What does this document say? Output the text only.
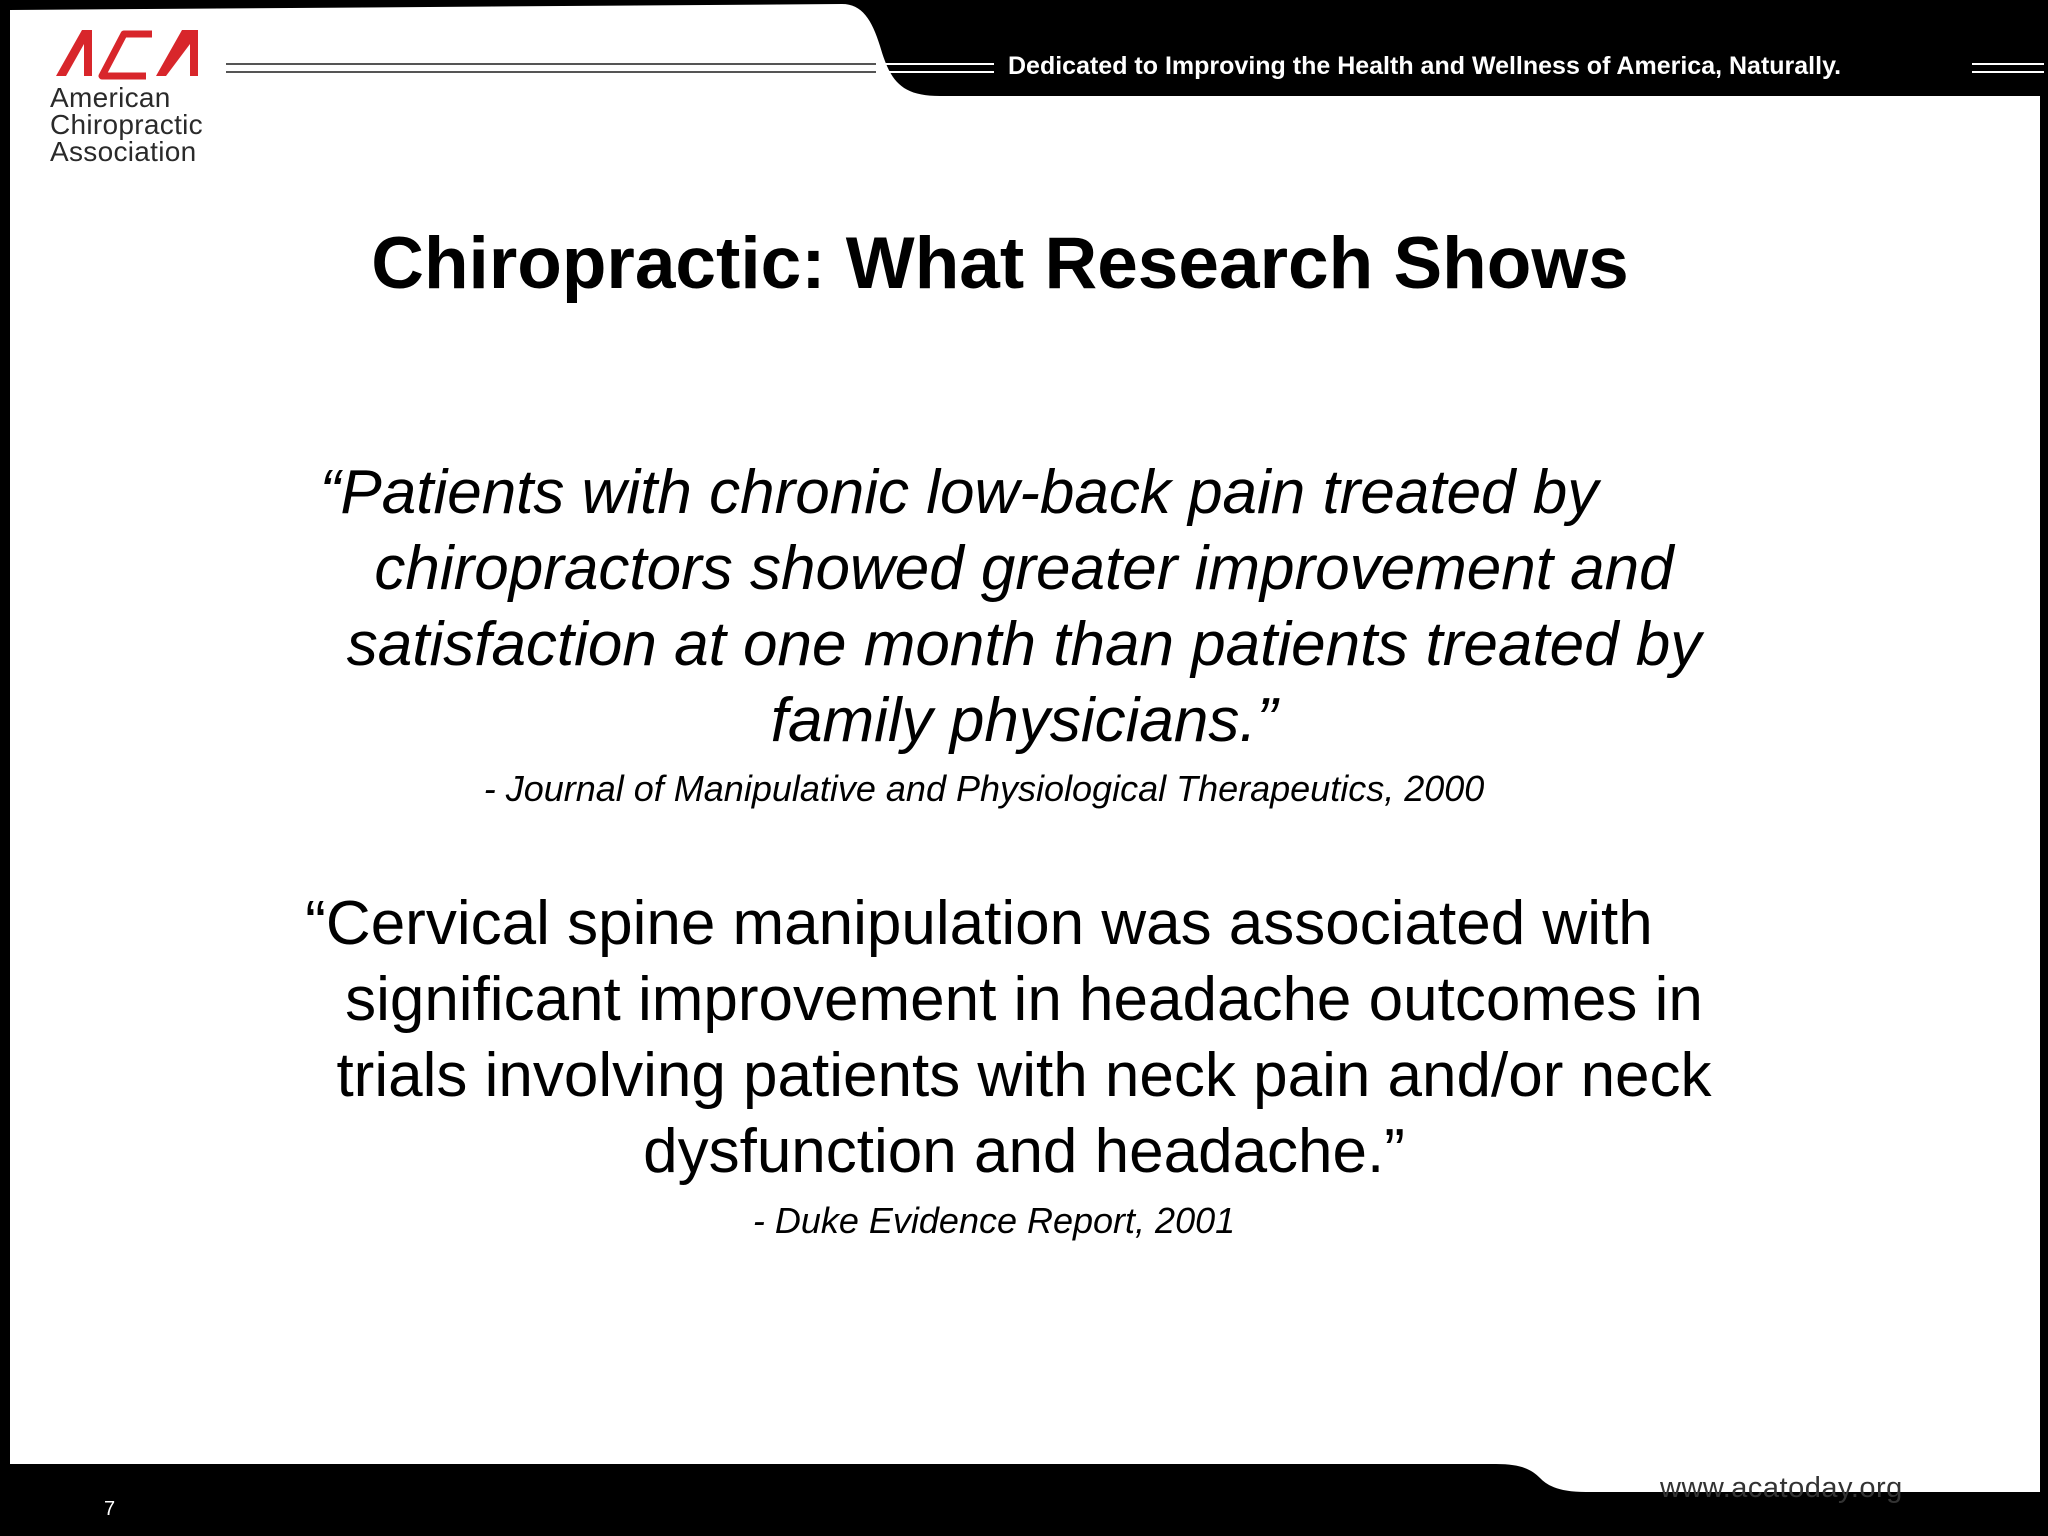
American
Chiropractic
Association
Dedicated to Improving the Health and Wellness of America, Naturally.
Chiropractic: What Research Shows
“Patients with chronic low-back pain treated by
chiropractors showed greater improvement and
satisfaction at one month than patients treated by
family physicians.”
- Journal of Manipulative and Physiological Therapeutics, 2000
“Cervical spine manipulation was associated with
significant improvement in headache outcomes in
trials involving patients with neck pain and/or neck
dysfunction and headache.”
- Duke Evidence Report, 2001
www.acatoday.org
7
